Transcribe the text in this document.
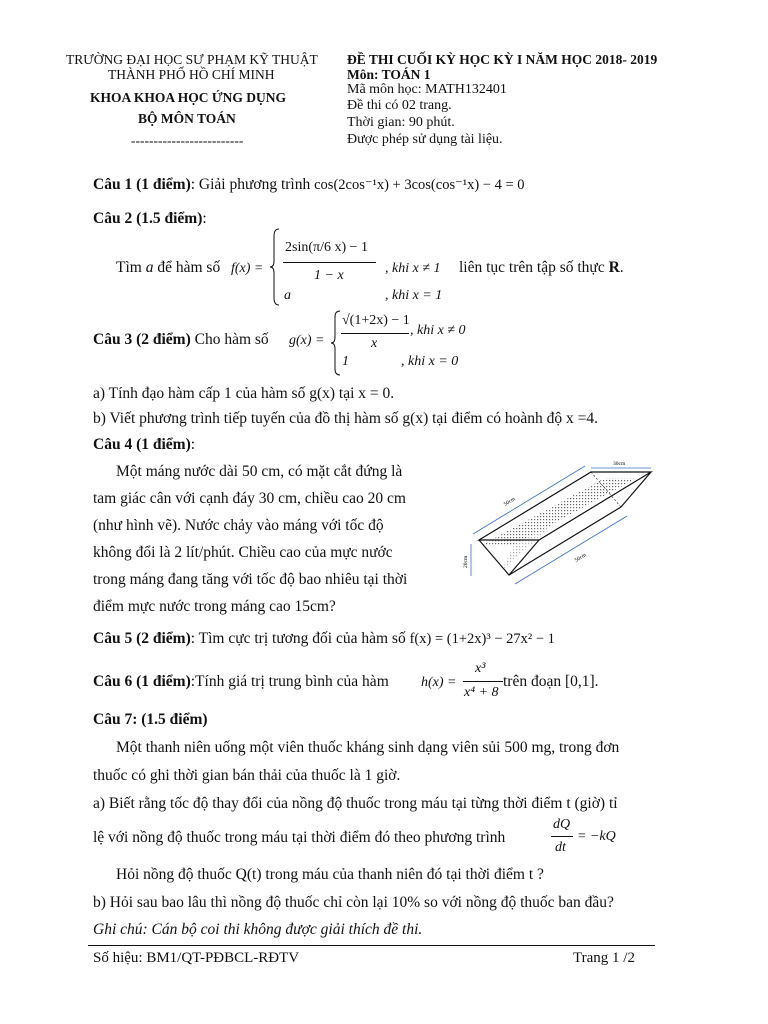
TRƯỜNG ĐẠI HỌC SƯ PHẠM KỸ THUẬT
THÀNH PHỐ HỒ CHÍ MINH
KHOA KHOA HỌC ỨNG DỤNG
BỘ MÔN TOÁN
-------------------------
ĐỀ THI CUỐI KỲ HỌC KỲ I NĂM HỌC 2018- 2019
Môn: TOÁN 1
Mã môn học: MATH132401
Đề thi có 02 trang.
Thời gian: 90 phút.
Được phép sử dụng tài liệu.
Câu 1 (1 điểm): Giải phương trình cos(2cos⁻¹x) + 3cos(cos⁻¹x) − 4 = 0
Câu 2 (1.5 điểm):
Tìm a để hàm số f(x) =
2sin(π/6 x) − 1
1 − x	, khi x ≠ 1
a	, khi x = 1
liên tục trên tập số thực R.
Câu 3 (2 điểm) Cho hàm số g(x) =
√(1+2x) − 1
x
, khi x ≠ 0
1	, khi x = 0
a) Tính đạo hàm cấp 1 của hàm số g(x) tại x = 0.
b) Viết phương trình tiếp tuyến của đồ thị hàm số g(x) tại điểm có hoành độ x =4.
Câu 4 (1 điểm):
Một máng nước dài 50 cm, có mặt cắt đứng là
tam giác cân với cạnh đáy 30 cm, chiều cao 20 cm
(như hình vẽ). Nước chảy vào máng với tốc độ
không đổi là 2 lít/phút. Chiều cao của mực nước
trong máng đang tăng với tốc độ bao nhiêu tại thời
điểm mực nước trong máng cao 15cm?
30cm
50cm
50cm
20cm
Câu 5 (2 điểm): Tìm cực trị tương đối của hàm số f(x) = (1+2x)³ − 27x² − 1
Câu 6 (1 điểm):Tính giá trị trung bình của hàm h(x) =
x³
x⁴ + 8
trên đoạn [0,1].
Câu 7: (1.5 điểm)
Một thanh niên uống một viên thuốc kháng sinh dạng viên sủi 500 mg, trong đơn
thuốc có ghi thời gian bán thải của thuốc là 1 giờ.
a) Biết rằng tốc độ thay đổi của nồng độ thuốc trong máu tại từng thời điểm t (giờ) tỉ
lệ với nồng độ thuốc trong máu tại thời điểm đó theo phương trình
dQ
dt
= −kQ
Hỏi nồng độ thuốc Q(t) trong máu của thanh niên đó tại thời điểm t ?
b) Hỏi sau bao lâu thì nồng độ thuốc chỉ còn lại 10% so với nồng độ thuốc ban đầu?
Ghi chú: Cán bộ coi thi không được giải thích đề thi.
Số hiệu: BM1/QT-PĐBCL-RĐTV	Trang 1 /2
